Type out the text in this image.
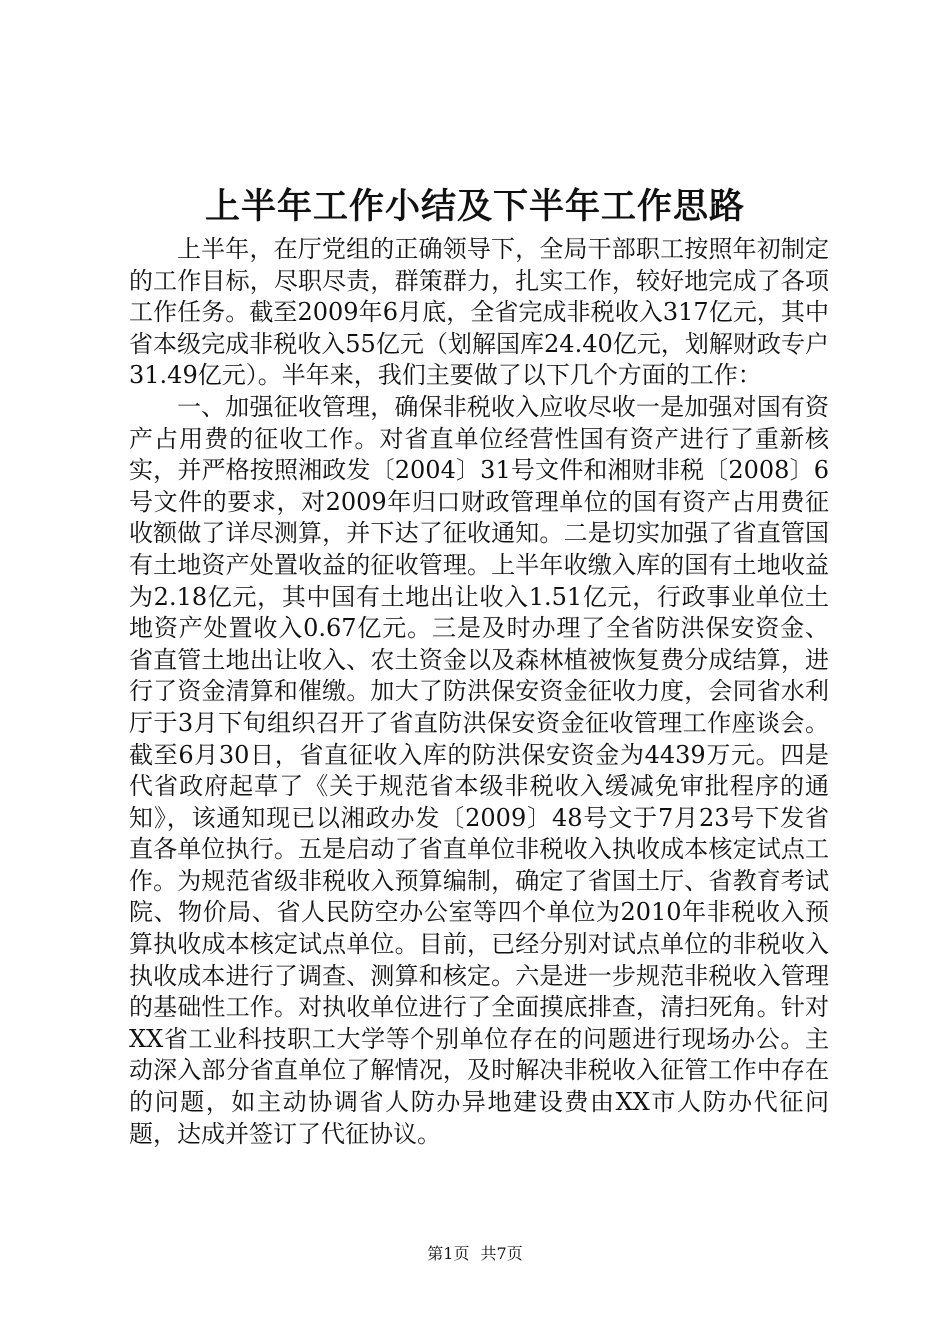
上半年工作小结及下半年工作思路

上半年，在厅党组的正确领导下，全局干部职工按照年初制定的工作目标，尽职尽责，群策群力，扎实工作，较好地完成了各项工作任务。截至2009年6月底，全省完成非税收入317亿元，其中省本级完成非税收入55亿元（划解国库24.40亿元，划解财政专户31.49亿元）。半年来，我们主要做了以下几个方面的工作：

一、加强征收管理，确保非税收入应收尽收一是加强对国有资产占用费的征收工作。对省直单位经营性国有资产进行了重新核实，并严格按照湘政发〔2004〕31号文件和湘财非税〔2008〕6号文件的要求，对2009年归口财政管理单位的国有资产占用费征收额做了详尽测算，并下达了征收通知。二是切实加强了省直管国有土地资产处置收益的征收管理。上半年收缴入库的国有土地收益为2.18亿元，其中国有土地出让收入1.51亿元，行政事业单位土地资产处置收入0.67亿元。三是及时办理了全省防洪保安资金、省直管土地出让收入、农土资金以及森林植被恢复费分成结算，进行了资金清算和催缴。加大了防洪保安资金征收力度，会同省水利厅于3月下旬组织召开了省直防洪保安资金征收管理工作座谈会。截至6月30日，省直征收入库的防洪保安资金为4439万元。四是代省政府起草了《关于规范省本级非税收入缓减免审批程序的通知》，该通知现已以湘政办发〔2009〕48号文于7月23号下发省直各单位执行。五是启动了省直单位非税收入执收成本核定试点工作。为规范省级非税收入预算编制，确定了省国土厅、省教育考试院、物价局、省人民防空办公室等四个单位为2010年非税收入预算执收成本核定试点单位。目前，已经分别对试点单位的非税收入执收成本进行了调查、测算和核定。六是进一步规范非税收入管理的基础性工作。对执收单位进行了全面摸底排查，清扫死角。针对XX省工业科技职工大学等个别单位存在的问题进行现场办公。主动深入部分省直单位了解情况，及时解决非税收入征管工作中存在的问题，如主动协调省人防办异地建设费由XX市人防办代征问题，达成并签订了代征协议。

第1页 共7页
